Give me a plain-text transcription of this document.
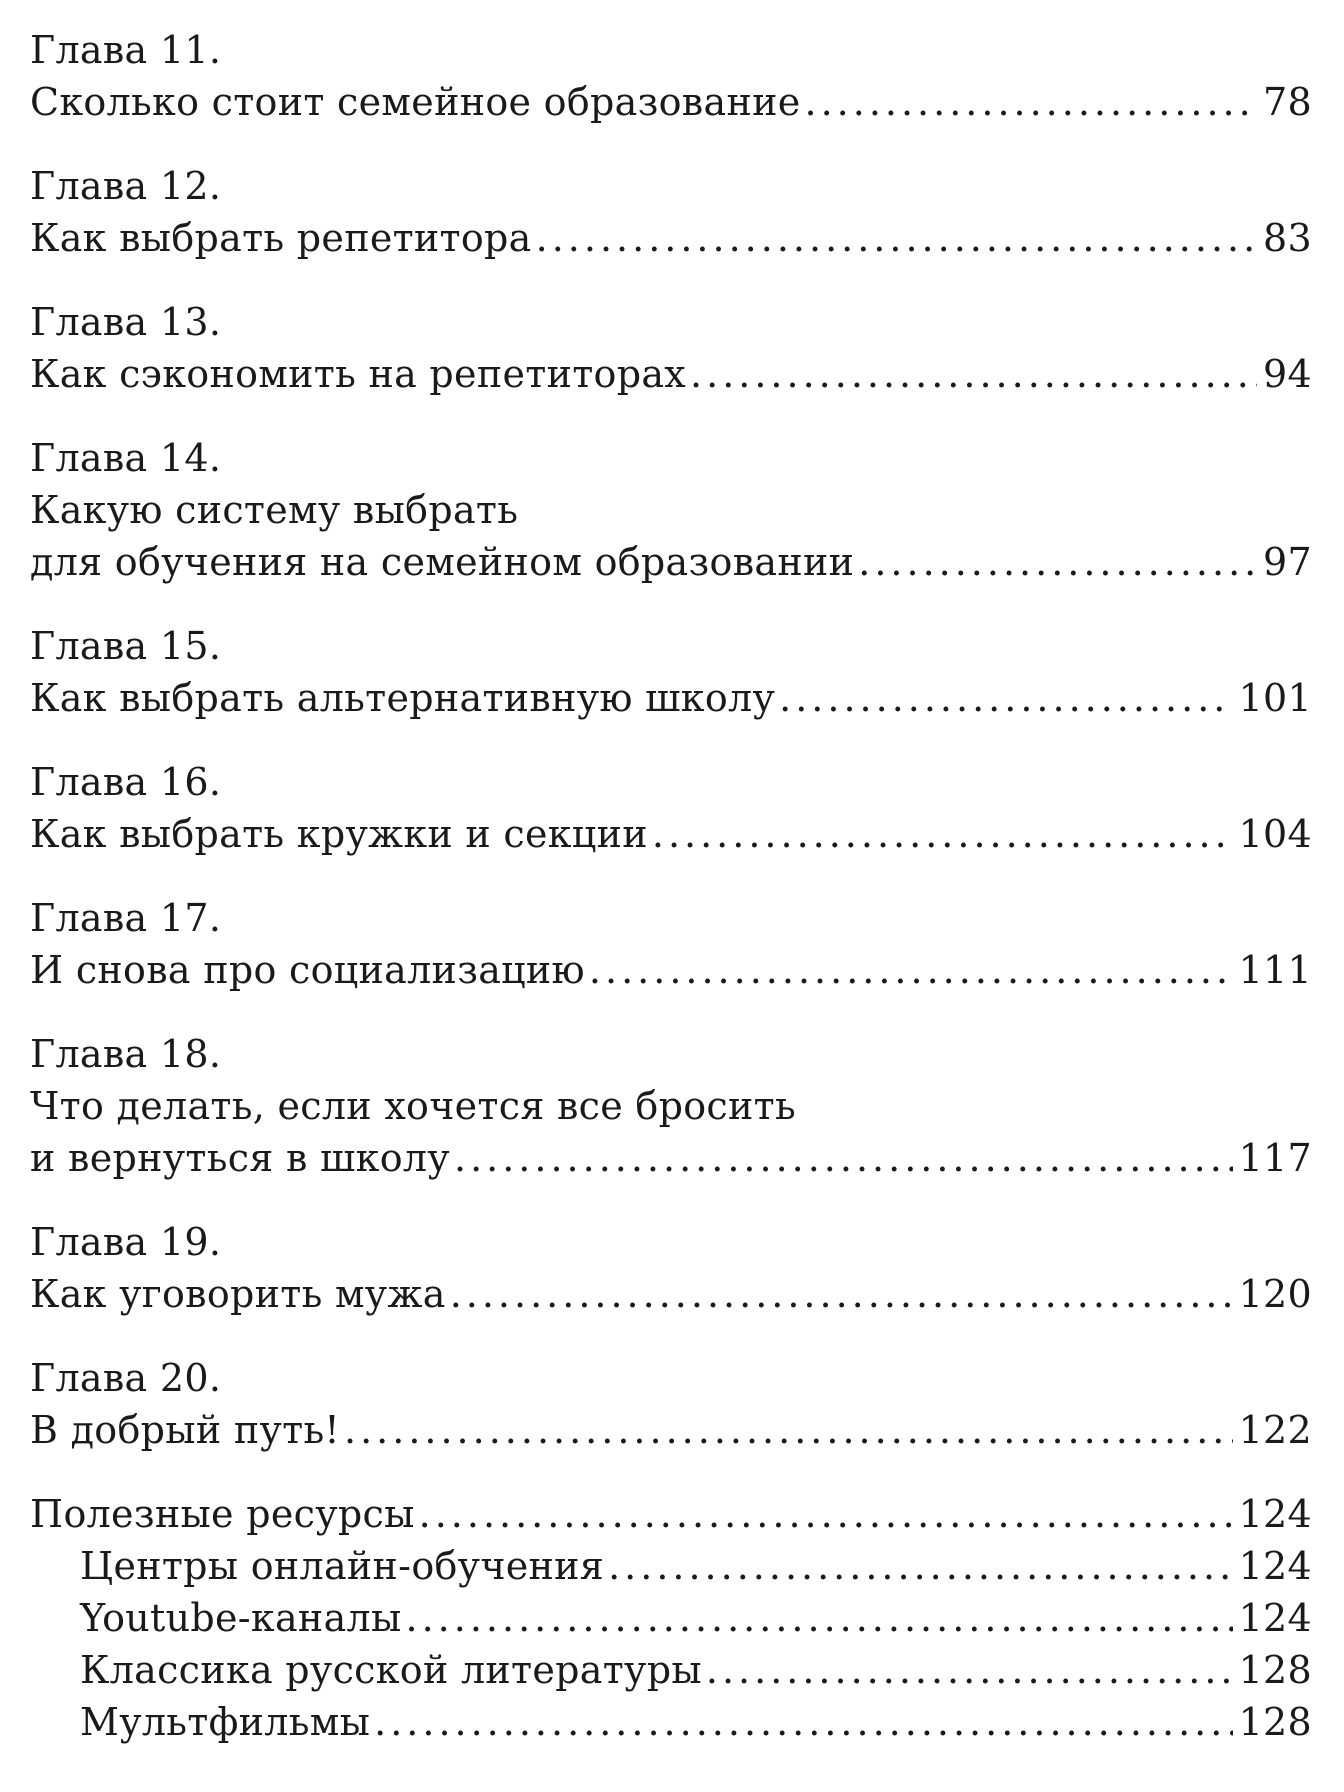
Глава 11.
Сколько стоит семейное образование .....	78
Глава 12.
Как выбрать репетитора .....	83
Глава 13.
Как сэкономить на репетиторах .....	94
Глава 14.
Какую систему выбрать
для обучения на семейном образовании .....	97
Глава 15.
Как выбрать альтернативную школу .....	101
Глава 16.
Как выбрать кружки и секции .....	104
Глава 17.
И снова про социализацию .....	111
Глава 18.
Что делать, если хочется все бросить
и вернуться в школу .....	117
Глава 19.
Как уговорить мужа .....	120
Глава 20.
В добрый путь! .....	122
Полезные ресурсы .....	124
Центры онлайн-обучения .....	124
Youtube-каналы .....	124
Классика русской литературы .....	128
Мультфильмы .....	128
